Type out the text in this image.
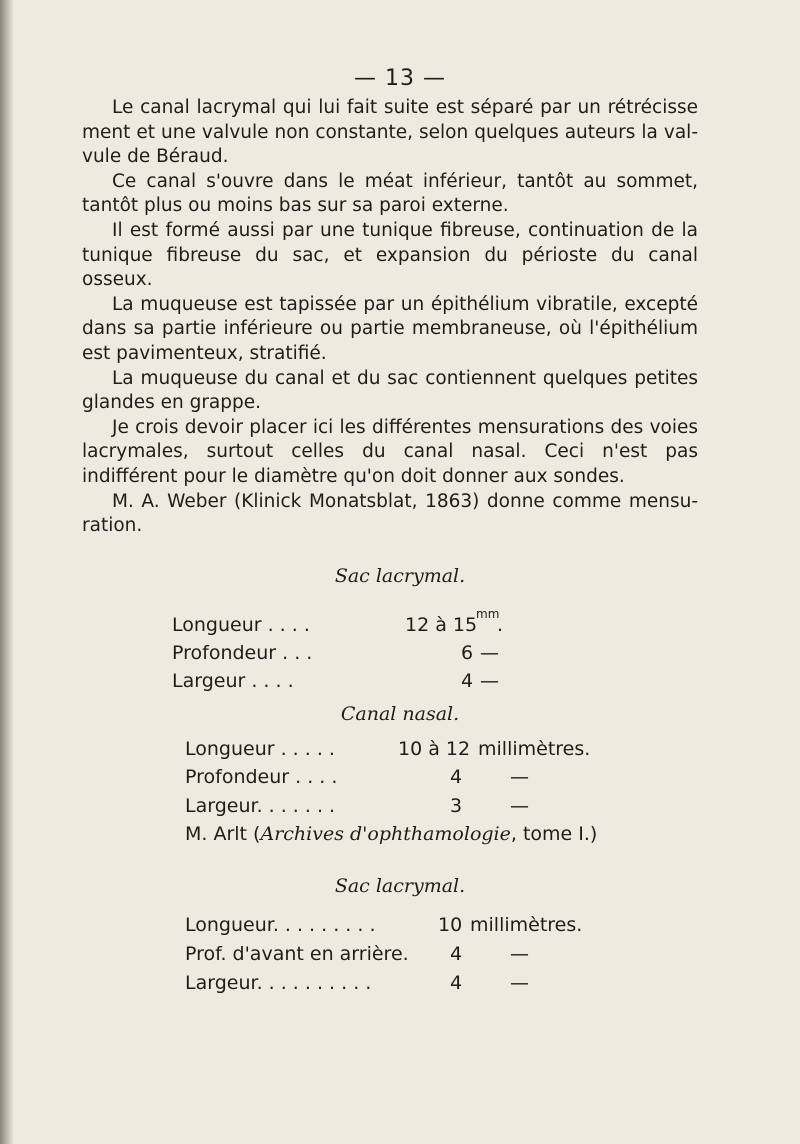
— 13 —

Le canal lacrymal qui lui fait suite est séparé par un rétrécisse ment et une valvule non constante, selon quelques auteurs la val- vule de Béraud.

Ce canal s'ouvre dans le méat inférieur, tantôt au sommet, tantôt plus ou moins bas sur sa paroi externe.

Il est formé aussi par une tunique fibreuse, continuation de la tunique fibreuse du sac, et expansion du périoste du canal osseux.

La muqueuse est tapissée par un épithélium vibratile, excepté dans sa partie inférieure ou partie membraneuse, où l'épithélium est pavimenteux, stratifié.

La muqueuse du canal et du sac contiennent quelques petites glandes en grappe.

Je crois devoir placer ici les différentes mensurations des voies lacrymales, surtout celles du canal nasal. Ceci n'est pas indifférent pour le diamètre qu'on doit donner aux sondes.

M. A. Weber (Klinick Monatsblat, 1863) donne comme mensu- ration.

Sac lacrymal.
Longueur . . . .	12 à 15
mm
.
Profondeur . . .	6 —
Largeur . . . .	4 —
Canal nasal.
Longueur . . . . .	10 à 12 millimètres.
Profondeur . . . .	4	—
Largeur. . . . . . .	3	—
M. Arlt (Archives d'ophthamologie, tome I.)
Sac lacrymal.
Longueur. . . . . . . . .	10 millimètres.
Prof. d'avant en arrière. 4	—
Largeur. . . . . . . . . .	4	—
